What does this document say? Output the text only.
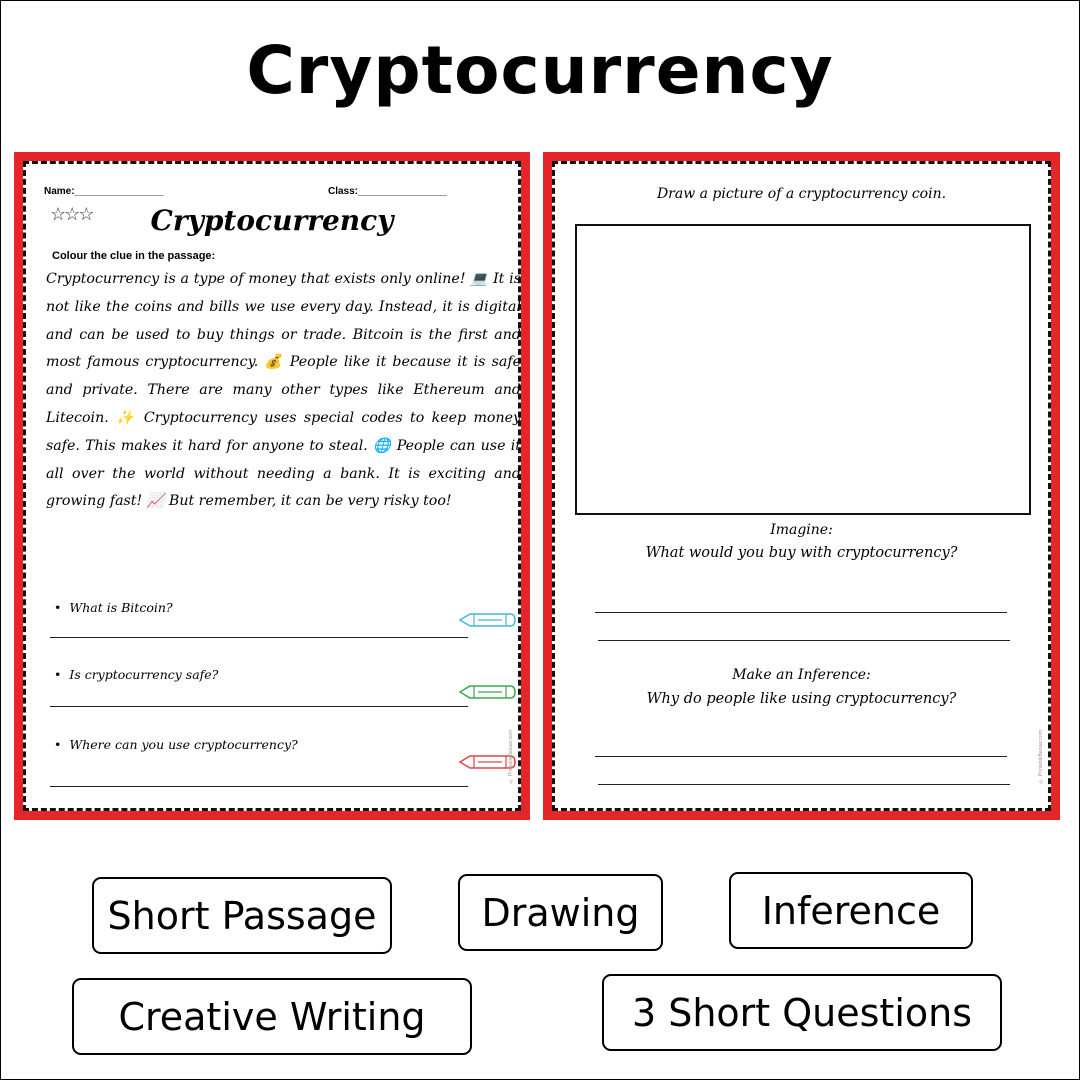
Cryptocurrency
Name:________________	Class:________________
☆☆☆	Cryptocurrency
Colour the clue in the passage:
Cryptocurrency is a type of money that exists only online! 💻 It is not like the coins and bills we use every day. Instead, it is digital and can be used to buy things or trade. Bitcoin is the first and most famous cryptocurrency. 💰 People like it because it is safe and private. There are many other types like Ethereum and Litecoin. ✨ Cryptocurrency uses special codes to keep money safe. This makes it hard for anyone to steal. 🌐 People can use it all over the world without needing a bank. It is exciting and growing fast! 📈 But remember, it can be very risky too!
• What is Bitcoin?
• Is cryptocurrency safe?
• Where can you use cryptocurrency?	© PrintableBazaar.com
Draw a picture of a cryptocurrency coin.
Imagine:
What would you buy with cryptocurrency?
Make an Inference:
Why do people like using cryptocurrency?
© PrintableBazaar.com
Short Passage	Drawing	Inference
Creative Writing	3 Short Questions
